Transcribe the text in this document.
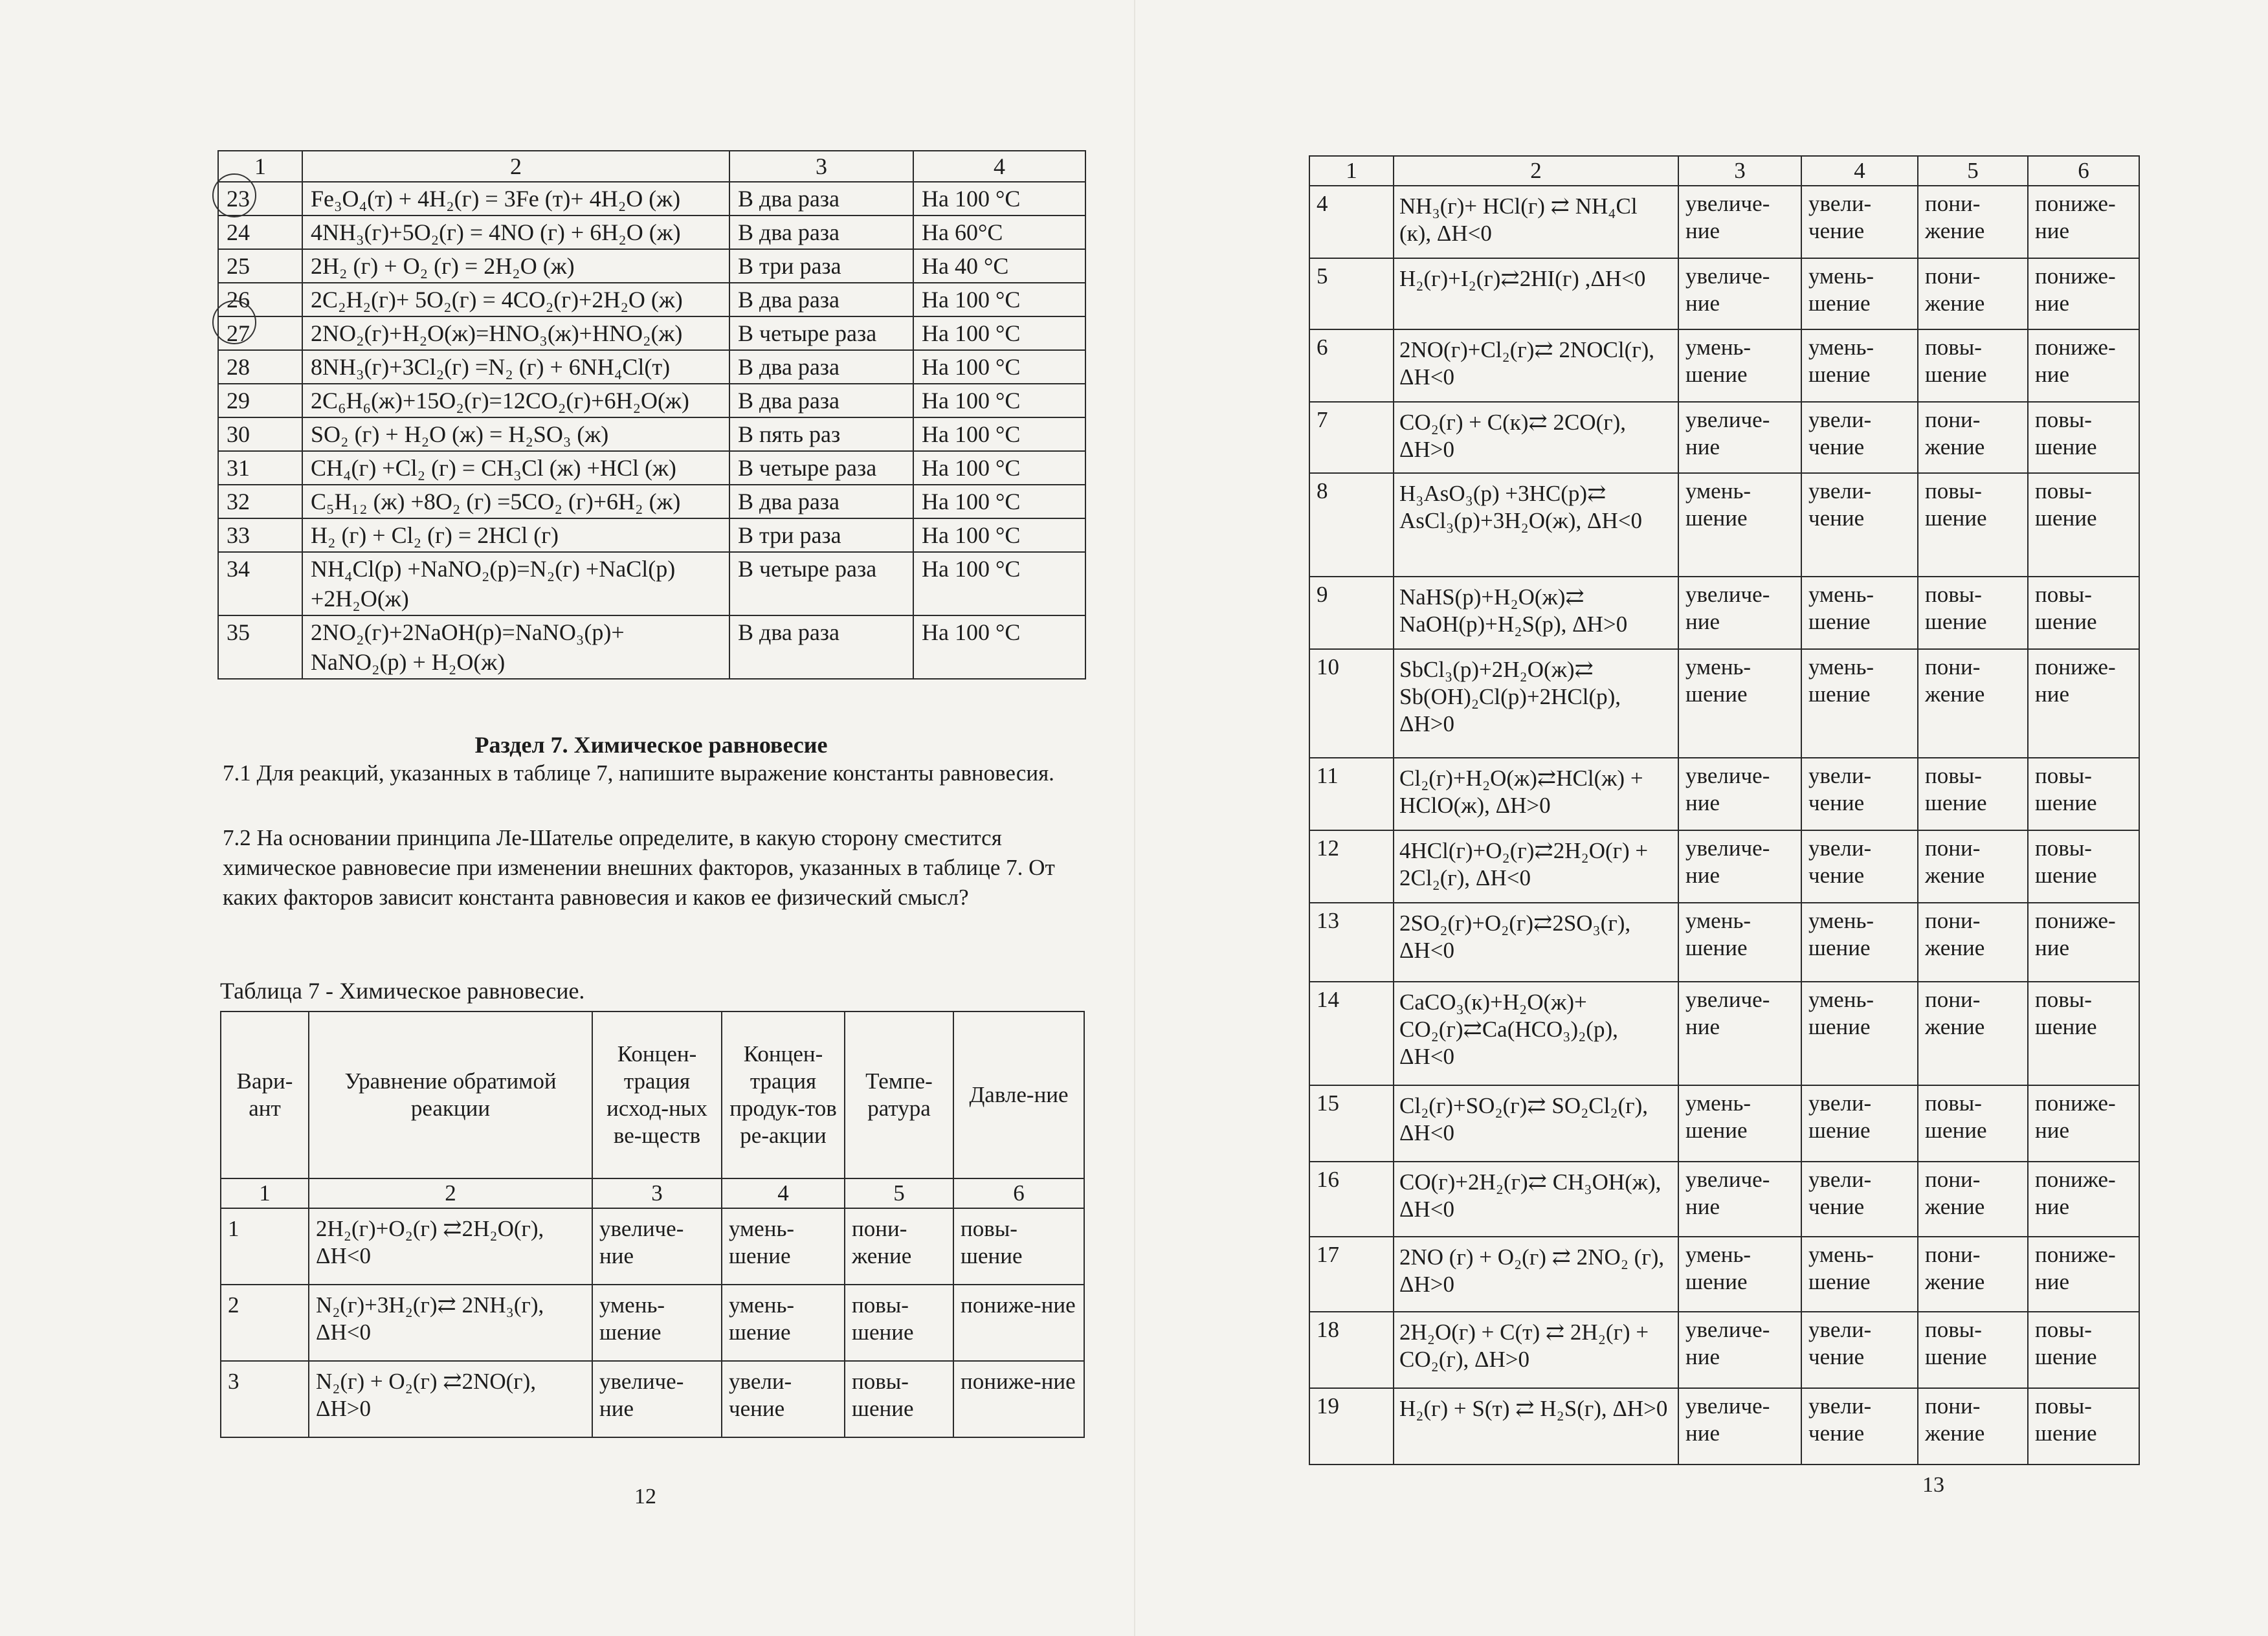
1	2	3	4
23	Fe₃O₄(т) + 4H₂(г) = 3Fe (т)+ 4H₂O (ж)	В два раза	На 100 °C
24	4NH₃(г)+5O₂(г) = 4NO (г) + 6H₂O (ж)	В два раза	На 60°C
25	2H₂ (г) + O₂ (г) = 2H₂O (ж)	В три раза	На 40 °C
26	2C₂H₂(г)+ 5O₂(г) = 4CO₂(г)+2H₂O (ж)	В два раза	На 100 °C
27	2NO₂(г)+H₂O(ж)=HNO₃(ж)+HNO₂(ж)	В четыре раза	На 100 °C
28	8NH₃(г)+3Cl₂(г) =N₂ (г) + 6NH₄Cl(т)	В два раза	На 100 °C
29	2C₆H₆(ж)+15O₂(г)=12CO₂(г)+6H₂O(ж)	В два раза	На 100 °C
30	SO₂ (г) + H₂O (ж) = H₂SO₃ (ж)	В пять раз	На 100 °C
31	CH₄(г) +Cl₂ (г) = CH₃Cl (ж) +HCl (ж)	В четыре раза	На 100 °C
32	C₅H₁₂ (ж) +8O₂ (г) =5CO₂ (г)+6H₂ (ж)	В два раза	На 100 °C
33	H₂ (г) + Cl₂ (г) = 2HCl (г)	В три раза	На 100 °C
34	NH₄Cl(р) +NaNO₂(р)=N₂(г) +NaCl(р) +2H₂O(ж)	В четыре раза	На 100 °C
35	2NO₂(г)+2NaOH(р)=NaNO₃(р)+ NaNO₂(р) + H₂O(ж)	В два раза	На 100 °C
Раздел 7. Химическое равновесие
7.1 Для реакций, указанных в таблице 7, напишите выражение константы равновесия.
7.2 На основании принципа Ле-Шателье определите, в какую сторону сместится химическое равновесие при изменении внешних факторов, указанных в таблице 7. От каких факторов зависит константа равновесия и каков ее физический смысл?
Таблица 7 - Химическое равновесие.
Вари-ант	Уравнение обратимой реакции	Концен-трация исход-ных ве-ществ	Концен-трация продук-тов ре-акции	Темпе-ратура	Давле-ние
1	2	3	4	5	6
1	2H₂(г)+O₂(г) ⇄2H₂O(г), ΔH<0	увеличе-ние	умень-шение	пони-жение	повы-шение
2	N₂(г)+3H₂(г)⇄ 2NH₃(г), ΔH<0	умень-шение	умень-шение	повы-шение	пониже-ние
3	N₂(г) + O₂(г) ⇄2NO(г), ΔH>0	увеличе-ние	увели-чение	повы-шение	пониже-ние
12
1	2	3	4	5	6
4	NH₃(г)+ HCl(г) ⇄ NH₄Cl (к), ΔH<0	увеличе-ние	увели-чение	пони-жение	пониже-ние
5	H₂(г)+I₂(г)⇄2HI(г) ,ΔH<0	увеличе-ние	умень-шение	пони-жение	пониже-ние
6	2NO(г)+Cl₂(г)⇄ 2NOCl(г), ΔH<0	умень-шение	умень-шение	повы-шение	пониже-ние
7	CO₂(г) + C(к)⇄ 2CO(г), ΔH>0	увеличе-ние	увели-чение	пони-жение	повы-шение
8	H₃AsO₃(р) +3HC(р)⇄ AsCl₃(р)+3H₂O(ж), ΔH<0	умень-шение	увели-чение	повы-шение	повы-шение
9	NaHS(р)+H₂O(ж)⇄ NaOH(р)+H₂S(р), ΔH>0	увеличе-ние	умень-шение	повы-шение	повы-шение
10	SbCl₃(р)+2H₂O(ж)⇄ Sb(OH)₂Cl(р)+2HCl(р), ΔH>0	умень-шение	умень-шение	пони-жение	пониже-ние
11	Cl₂(г)+H₂O(ж)⇄HCl(ж) + HClO(ж), ΔH>0	увеличе-ние	увели-чение	повы-шение	повы-шение
12	4HCl(г)+O₂(г)⇄2H₂O(г) + 2Cl₂(г), ΔH<0	увеличе-ние	увели-чение	пони-жение	повы-шение
13	2SO₂(г)+O₂(г)⇄2SO₃(г), ΔH<0	умень-шение	умень-шение	пони-жение	пониже-ние
14	CaCO₃(к)+H₂O(ж)+ CO₂(г)⇄Ca(HCO₃)₂(р), ΔH<0	увеличе-ние	умень-шение	пони-жение	повы-шение
15	Cl₂(г)+SO₂(г)⇄ SO₂Cl₂(г), ΔH<0	умень-шение	увели-шение	повы-шение	пониже-ние
16	CO(г)+2H₂(г)⇄ CH₃OH(ж), ΔH<0	увеличе-ние	увели-чение	пони-жение	пониже-ние
17	2NO (г) + O₂(г) ⇄ 2NO₂ (г), ΔH>0	умень-шение	умень-шение	пони-жение	пониже-ние
18	2H₂O(г) + C(т) ⇄ 2H₂(г) + CO₂(г), ΔH>0	увеличе-ние	увели-чение	повы-шение	повы-шение
19	H₂(г) + S(т) ⇄ H₂S(г), ΔH>0	увеличе-ние	увели-чение	пони-жение	повы-шение
13
